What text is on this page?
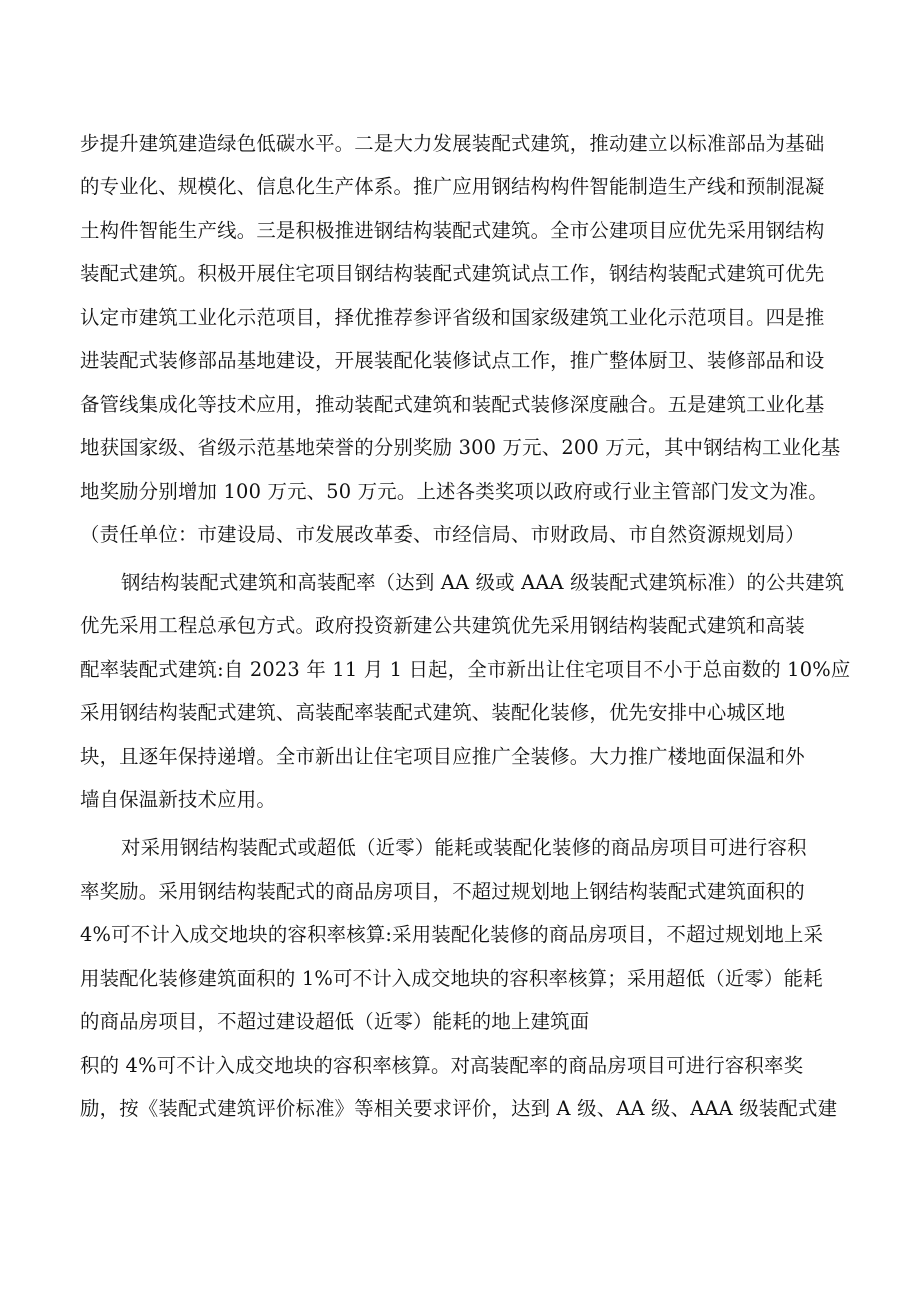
步提升建筑建造绿色低碳水平。二是大力发展装配式建筑，推动建立以标准部品为基础
的专业化、规模化、信息化生产体系。推广应用钢结构构件智能制造生产线和预制混凝
土构件智能生产线。三是积极推进钢结构装配式建筑。全市公建项目应优先采用钢结构
装配式建筑。积极开展住宅项目钢结构装配式建筑试点工作，钢结构装配式建筑可优先
认定市建筑工业化示范项目，择优推荐参评省级和国家级建筑工业化示范项目。四是推
进装配式装修部品基地建设，开展装配化装修试点工作，推广整体厨卫、装修部品和设
备管线集成化等技术应用，推动装配式建筑和装配式装修深度融合。五是建筑工业化基
地获国家级、省级示范基地荣誉的分别奖励 300 万元、200 万元，其中钢结构工业化基
地奖励分别增加 100 万元、50 万元。上述各类奖项以政府或行业主管部门发文为准。
（责任单位：市建设局、市发展改革委、市经信局、市财政局、市自然资源规划局）
钢结构装配式建筑和高装配率（达到 AA 级或 AAA 级装配式建筑标准）的公共建筑
优先采用工程总承包方式。政府投资新建公共建筑优先采用钢结构装配式建筑和高装
配率装配式建筑:自 2023 年 11 月 1 日起，全市新出让住宅项目不小于总亩数的 10%应
采用钢结构装配式建筑、高装配率装配式建筑、装配化装修，优先安排中心城区地
块，且逐年保持递增。全市新出让住宅项目应推广全装修。大力推广楼地面保温和外
墙自保温新技术应用。
对采用钢结构装配式或超低（近零）能耗或装配化装修的商品房项目可进行容积
率奖励。采用钢结构装配式的商品房项目，不超过规划地上钢结构装配式建筑面积的
4%可不计入成交地块的容积率核算:采用装配化装修的商品房项目，不超过规划地上采
用装配化装修建筑面积的 1%可不计入成交地块的容积率核算；采用超低（近零）能耗
的商品房项目，不超过建设超低（近零）能耗的地上建筑面
积的 4%可不计入成交地块的容积率核算。对高装配率的商品房项目可进行容积率奖
励，按《装配式建筑评价标准》等相关要求评价，达到 A 级、AA 级、AAA 级装配式建
